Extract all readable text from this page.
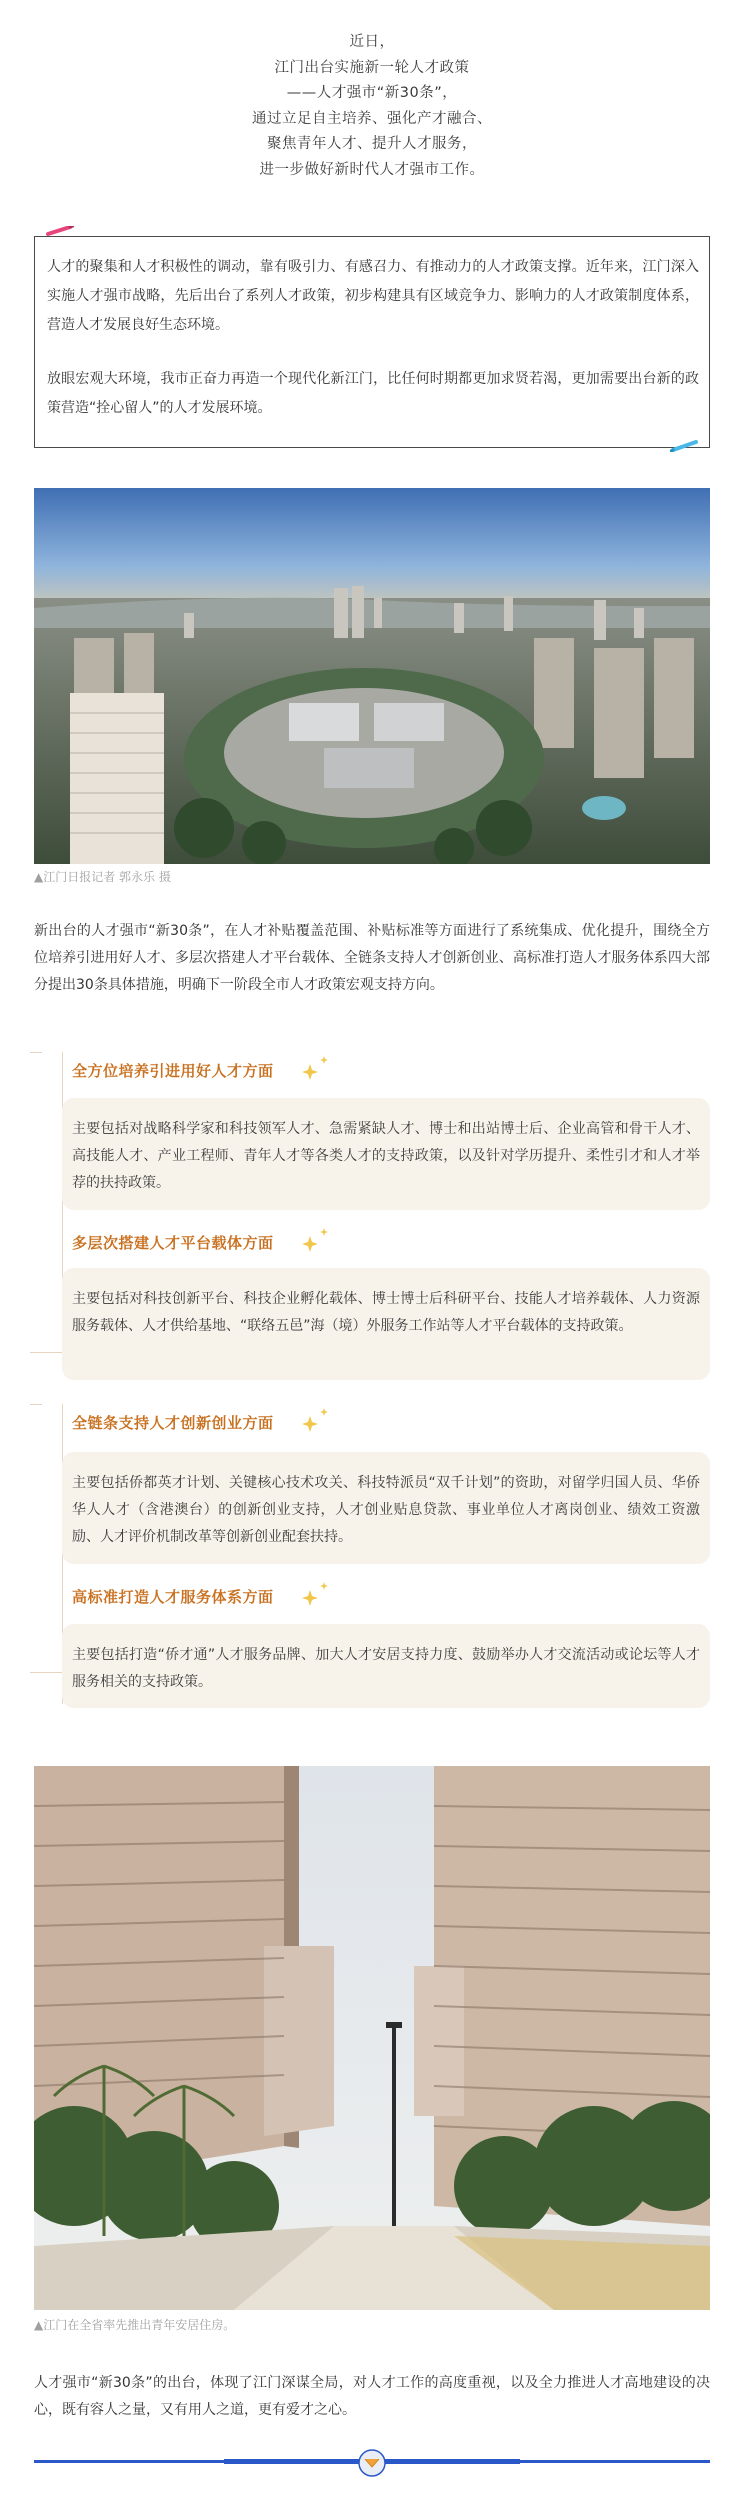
近日，
江门出台实施新一轮人才政策
——人才强市“新30条”，
通过立足自主培养、强化产才融合、
聚焦青年人才、提升人才服务，
进一步做好新时代人才强市工作。

人才的聚集和人才积极性的调动，靠有吸引力、有感召力、有推动力的人才政策支撑。近年来，江门深入实施人才强市战略，先后出台了系列人才政策，初步构建具有区域竞争力、影响力的人才政策制度体系，营造人才发展良好生态环境。

放眼宏观大环境，我市正奋力再造一个现代化新江门，比任何时期都更加求贤若渴，更加需要出台新的政策营造“拴心留人”的人才发展环境。

▲江门日报记者 郭永乐 摄
新出台的人才强市“新30条”，在人才补贴覆盖范围、补贴标准等方面进行了系统集成、优化提升，围绕全方位培养引进用好人才、多层次搭建人才平台载体、全链条支持人才创新创业、高标准打造人才服务体系四大部分提出30条具体措施，明确下一阶段全市人才政策宏观支持方向。
全方位培养引进用好人才方面
主要包括对战略科学家和科技领军人才、急需紧缺人才、博士和出站博士后、企业高管和骨干人才、高技能人才、产业工程师、青年人才等各类人才的支持政策，以及针对学历提升、柔性引才和人才举荐的扶持政策。
多层次搭建人才平台载体方面
主要包括对科技创新平台、科技企业孵化载体、博士博士后科研平台、技能人才培养载体、人力资源服务载体、人才供给基地、“联络五邑”海（境）外服务工作站等人才平台载体的支持政策。
全链条支持人才创新创业方面
主要包括侨都英才计划、关键核心技术攻关、科技特派员“双千计划”的资助，对留学归国人员、华侨华人人才（含港澳台）的创新创业支持，人才创业贴息贷款、事业单位人才离岗创业、绩效工资激励、人才评价机制改革等创新创业配套扶持。
高标准打造人才服务体系方面
主要包括打造“侨才通”人才服务品牌、加大人才安居支持力度、鼓励举办人才交流活动或论坛等人才服务相关的支持政策。
▲江门在全省率先推出青年安居住房。
人才强市“新30条”的出台，体现了江门深谋全局，对人才工作的高度重视，以及全力推进人才高地建设的决心，既有容人之量，又有用人之道，更有爱才之心。
